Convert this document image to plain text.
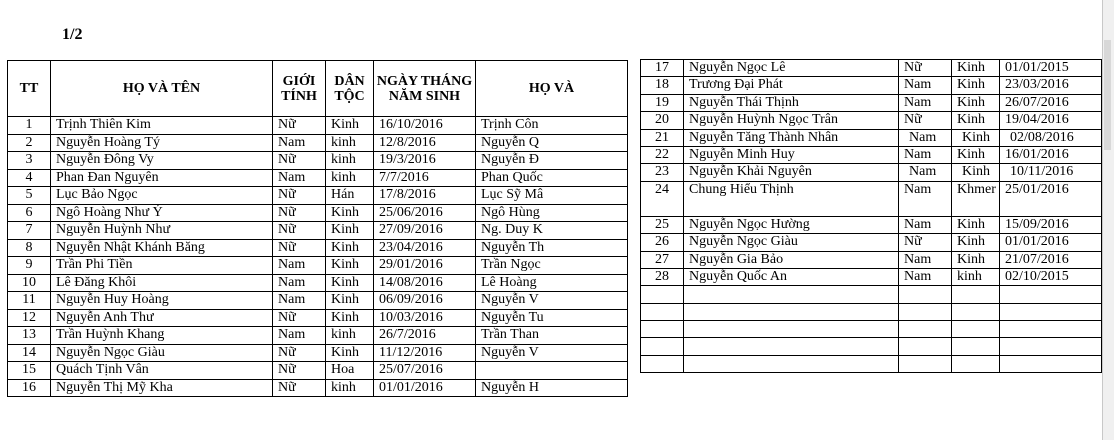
1/2
TT	HỌ VÀ TÊN	GIỚI TÍNH	DÂN TỘC	NGÀY THÁNG NĂM SINH	HỌ VÀ
1	Trịnh Thiên Kim	Nữ	Kinh	16/10/2016	Trịnh Côn
2	Nguyễn Hoàng Tý	Nam	kinh	12/8/2016	Nguyễn Q
3	Nguyễn Đông Vy	Nữ	kinh	19/3/2016	Nguyễn Đ
4	Phan Đan Nguyên	Nam	kinh	7/7/2016	Phan Quốc
5	Lục Bảo Ngọc	Nữ	Hán	17/8/2016	Lục Sỹ Mâ
6	Ngô Hoàng Như Ý	Nữ	Kinh	25/06/2016	Ngô Hùng
7	Nguyễn Huỳnh Như	Nữ	Kinh	27/09/2016	Ng. Duy K
8	Nguyễn Nhật Khánh Băng	Nữ	Kinh	23/04/2016	Nguyễn Th
9	Trần Phi Tiền	Nam	Kinh	29/01/2016	Trần Ngọc
10	Lê Đăng Khôi	Nam	Kinh	14/08/2016	Lê Hoàng
11	Nguyễn Huy Hoàng	Nam	Kinh	06/09/2016	Nguyễn V
12	Nguyễn Anh Thư	Nữ	Kinh	10/03/2016	Nguyễn Tu
13	Trần Huỳnh Khang	Nam	kinh	26/7/2016	Trần Than
14	Nguyễn Ngọc Giàu	Nữ	Kinh	11/12/2016	Nguyễn V
15	Quách Tịnh Vân	Nữ	Hoa	25/07/2016	
16	Nguyễn Thị Mỹ Kha	Nữ	kinh	01/01/2016	Nguyễn H
17	Nguyễn Ngọc Lê	Nữ	Kinh	01/01/2015
18	Trương Đại Phát	Nam	Kinh	23/03/2016
19	Nguyễn Thái Thịnh	Nam	Kinh	26/07/2016
20	Nguyễn Huỳnh Ngọc Trân	Nữ	Kinh	19/04/2016
21	Nguyễn Tăng Thành Nhân	Nam	Kinh	02/08/2016
22	Nguyễn Minh Huy	Nam	Kinh	16/01/2016
23	Nguyễn Khải Nguyên	Nam	Kinh	10/11/2016
24	Chung Hiểu Thịnh	Nam	Khmer	25/01/2016
25	Nguyễn Ngọc Hường	Nam	Kinh	15/09/2016
26	Nguyễn Ngọc Giàu	Nữ	Kinh	01/01/2016
27	Nguyễn Gia Bảo	Nam	Kinh	21/07/2016
28	Nguyễn Quốc An	Nam	kinh	02/10/2015
